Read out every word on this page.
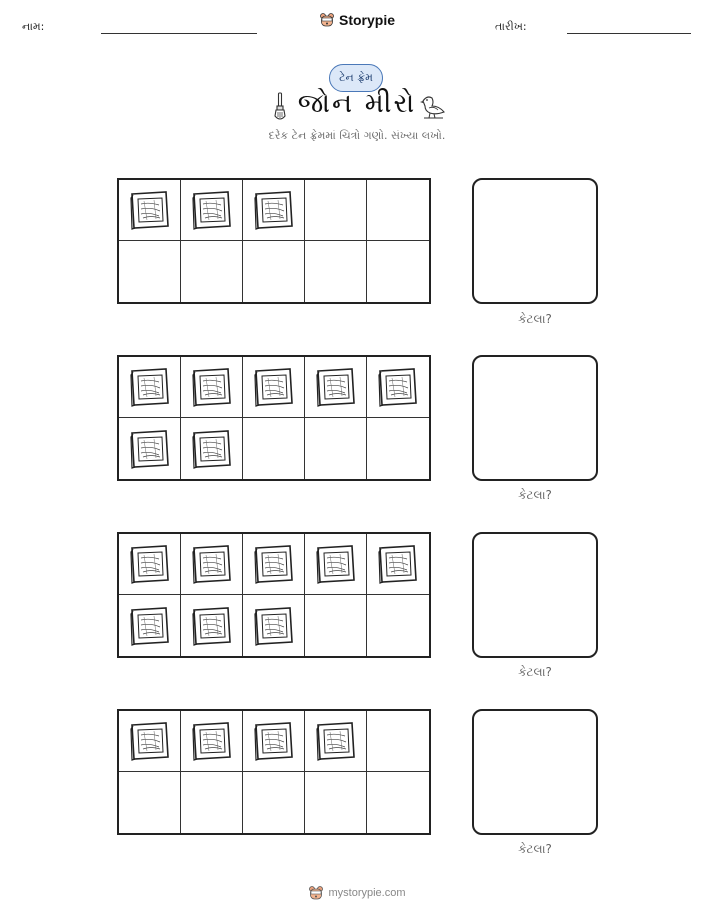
નામ:	Storypie	તારીખ:
ટેન ફ્રેમ
જોન મીરો
દરેક ટેન ફ્રેમમાં ચિત્રો ગણો. સંખ્યા લખો.
કેટલા?
કેટલા?
કેટલા?
કેટલા?
mystorypie.com
